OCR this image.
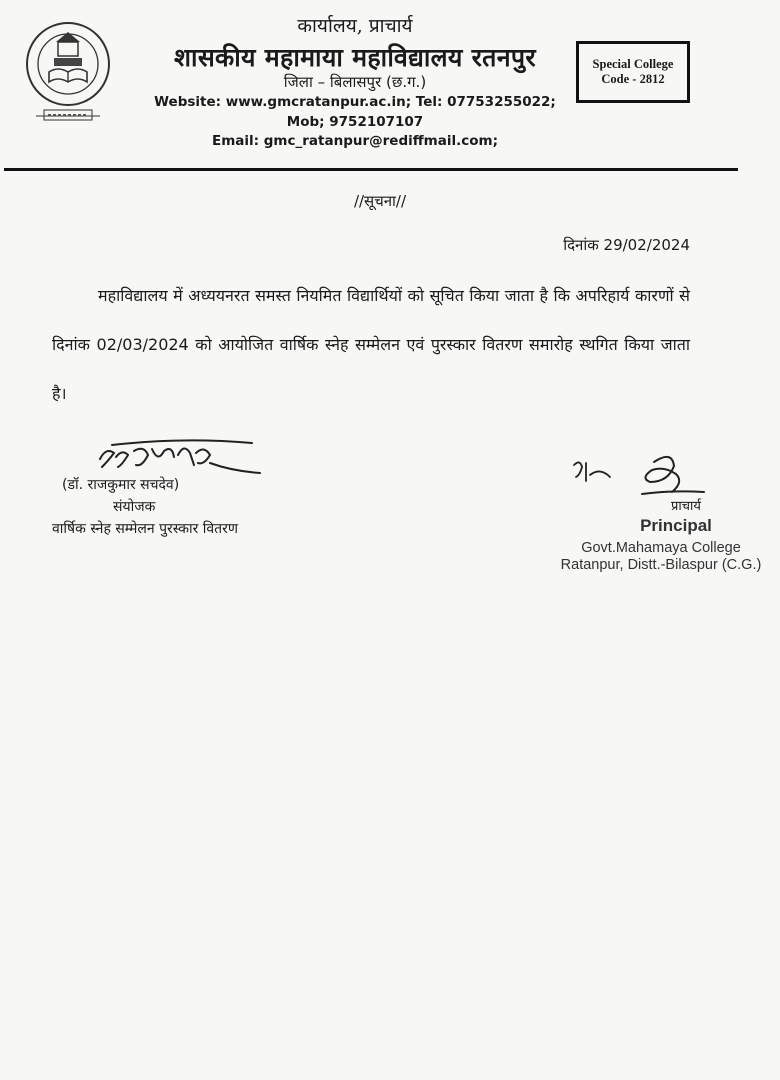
कार्यालय, प्राचार्य
शासकीय महामाया महाविद्यालय रतनपुर
जिला – बिलासपुर (छ.ग.)
Website: www.gmcratanpur.ac.in; Tel: 07753255022;
Mob; 9752107107
Email: gmc_ratanpur@rediffmail.com;
Special College
Code - 2812
//सूचना//
दिनांक 29/02/2024
महाविद्यालय में अध्ययनरत समस्त नियमित विद्यार्थियों को सूचित किया जाता है कि अपरिहार्य कारणों से दिनांक 02/03/2024 को आयोजित वार्षिक स्नेह सम्मेलन एवं पुरस्कार वितरण समारोह स्थगित किया जाता है।
(डॉ. राजकुमार सचदेव)
संयोजक
वार्षिक स्नेह सम्मेलन पुरस्कार वितरण
प्राचार्य
Principal
Govt.Mahamaya College
Ratanpur, Distt.-Bilaspur (C.G.)
